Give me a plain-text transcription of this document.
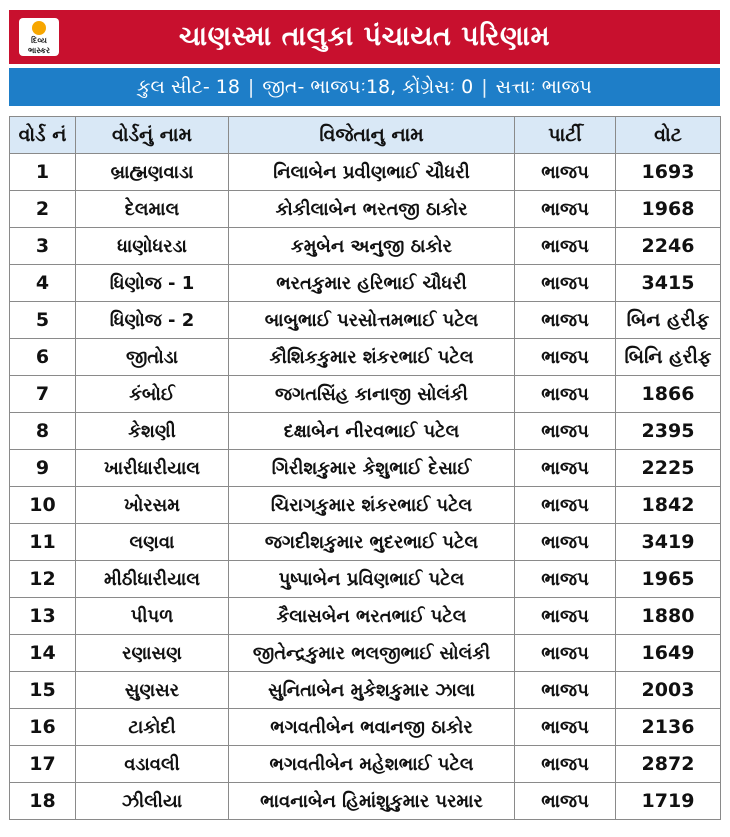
દિવ્ય
ભાસ્કર	ચાણસ્મા તાલુકા પંચાયત પરિણામ
કુલ સીટ- 18 | જીત- ભાજપઃ18, કોંગ્રેસઃ 0 | સત્તાઃ ભાજપ
વોર્ડ નં	વોર્ડનું નામ	વિજેતાનુ નામ	પાર્ટી	વોટ
1	બ્રાહ્મણવાડા	નિલાબેન પ્રવીણભાઈ ચૌધરી	ભાજપ	1693
2	દેલમાલ	કોકીલાબેન ભરતજી ઠાકોર	ભાજપ	1968
3	ધાણોધરડા	કમુબેન અનુજી ઠાકોર	ભાજપ	2246
4	ધિણોજ - 1	ભરતકુમાર હરિભાઈ ચૌધરી	ભાજપ	3415
5	ધિણોજ - 2	બાબુભાઈ પરસોત્તમભાઈ પટેલ	ભાજપ	બિન હરીફ
6	જીતોડા	કૌશિકકુમાર શંકરભાઈ પટેલ	ભાજપ	બિનિ હરીફ
7	કંબોઈ	જગતસિંહ કાનાજી સોલંકી	ભાજપ	1866
8	કેશણી	દક્ષાબેન નીરવભાઈ પટેલ	ભાજપ	2395
9	ખારીધારીયાલ	ગિરીશકુમાર કેશુભાઈ દેસાઈ	ભાજપ	2225
10	ખોરસમ	ચિરાગકુમાર શંકરભાઈ પટેલ	ભાજપ	1842
11	લણવા	જગદીશકુમાર ભુદરભાઈ પટેલ	ભાજપ	3419
12	મીઠીધારીયાલ	પુષ્પાબેન પ્રવિણભાઈ પટેલ	ભાજપ	1965
13	પીપળ	કૈલાસબેન ભરતભાઈ પટેલ	ભાજપ	1880
14	રણાસણ	જીતેન્દ્રકુમાર ભલજીભાઈ સોલંકી	ભાજપ	1649
15	સુણસર	સુનિતાબેન મુકેશકુમાર ઝાલા	ભાજપ	2003
16	ટાકોદી	ભગવતીબેન ભવાનજી ઠાકોર	ભાજપ	2136
17	વડાવલી	ભગવતીબેન મહેશભાઈ પટેલ	ભાજપ	2872
18	ઝીલીયા	ભાવનાબેન હિમાંશુકુમાર પરમાર	ભાજપ	1719
